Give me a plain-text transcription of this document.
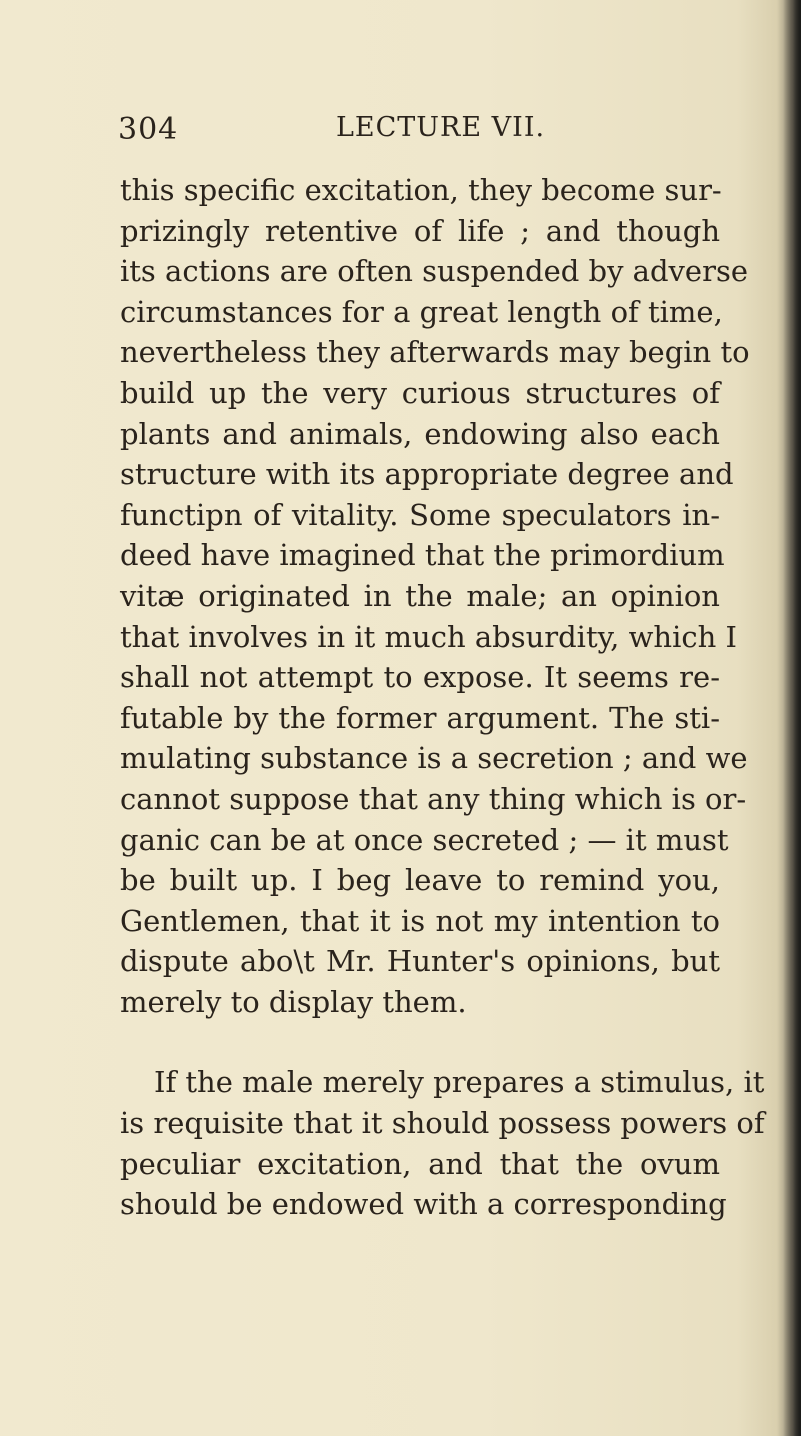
304	LECTURE VII.
this specific excitation, they become sur-
prizingly retentive of life ; and though
its actions are often suspended by adverse
circumstances for a great length of time,
nevertheless they afterwards may begin to
build up the very curious structures of
plants and animals, endowing also each
structure with its appropriate degree and
functipn of vitality. Some speculators in-
deed have imagined that the primordium
vitæ originated in the male; an opinion
that involves in it much absurdity, which I
shall not attempt to expose. It seems re-
futable by the former argument. The sti-
mulating substance is a secretion ; and we
cannot suppose that any thing which is or-
ganic can be at once secreted ; — it must
be built up. I beg leave to remind you,
Gentlemen, that it is not my intention to
dispute abo\t Mr. Hunter's opinions, but
merely to display them.
If the male merely prepares a stimulus, it
is requisite that it should possess powers of
peculiar excitation, and that the ovum
should be endowed with a corresponding
